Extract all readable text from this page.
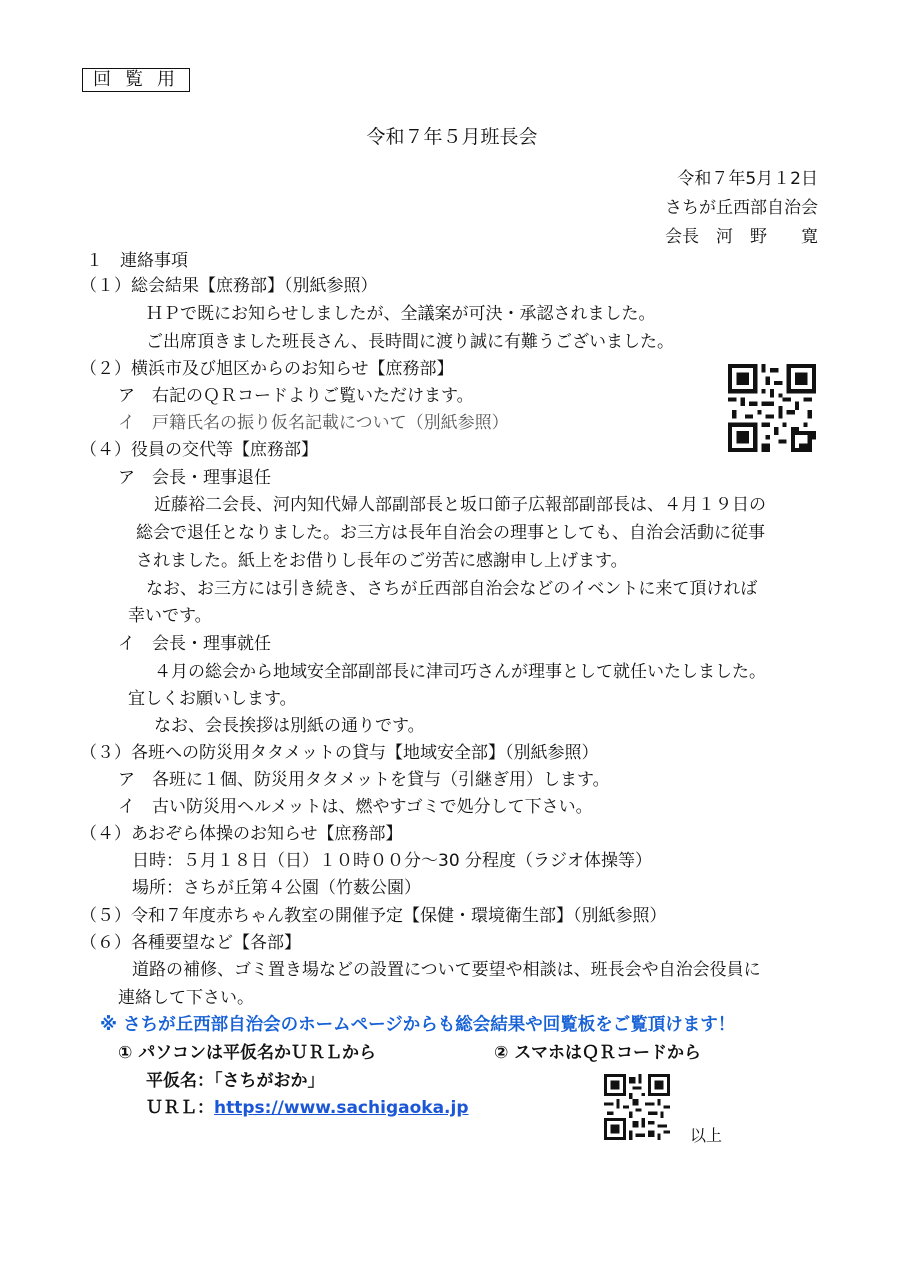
回覧用
令和７年５月班長会
令和７年5月１2日
さちが丘西部自治会
会長　河　野　　寛
１　連絡事項
（１）総会結果【庶務部】（別紙参照）
ＨＰで既にお知らせしましたが、全議案が可決・承認されました。
ご出席頂きました班長さん、長時間に渡り誠に有難うございました。
（２）横浜市及び旭区からのお知らせ【庶務部】
ア　右記のＱＲコードよりご覧いただけます。
イ　戸籍氏名の振り仮名記載について（別紙参照）
（４）役員の交代等【庶務部】
ア　会長・理事退任
近藤裕二会長、河内知代婦人部副部長と坂口節子広報部副部長は、４月１９日の
総会で退任となりました。お三方は長年自治会の理事としても、自治会活動に従事
されました。紙上をお借りし長年のご労苦に感謝申し上げます。
なお、お三方には引き続き、さちが丘西部自治会などのイベントに来て頂ければ
幸いです。
イ　会長・理事就任
４月の総会から地域安全部副部長に津司巧さんが理事として就任いたしました。
宜しくお願いします。
なお、会長挨拶は別紙の通りです。
（３）各班への防災用タタメットの貸与【地域安全部】（別紙参照）
ア　各班に１個、防災用タタメットを貸与（引継ぎ用）します。
イ　古い防災用ヘルメットは、燃やすゴミで処分して下さい。
（４）あおぞら体操のお知らせ【庶務部】
日時：５月１８日（日）１０時００分～30 分程度（ラジオ体操等）
場所：さちが丘第４公園（竹薮公園）
（５）令和７年度赤ちゃん教室の開催予定【保健・環境衛生部】（別紙参照）
（６）各種要望など【各部】
道路の補修、ゴミ置き場などの設置について要望や相談は、班長会や自治会役員に
連絡して下さい。
※ さちが丘西部自治会のホームページからも総会結果や回覧板をご覧頂けます！
① パソコンは平仮名かＵＲＬから	② スマホはＱＲコードから
平仮名：「さちがおか」
ＵＲＬ：https://www.sachigaoka.jp
以上
